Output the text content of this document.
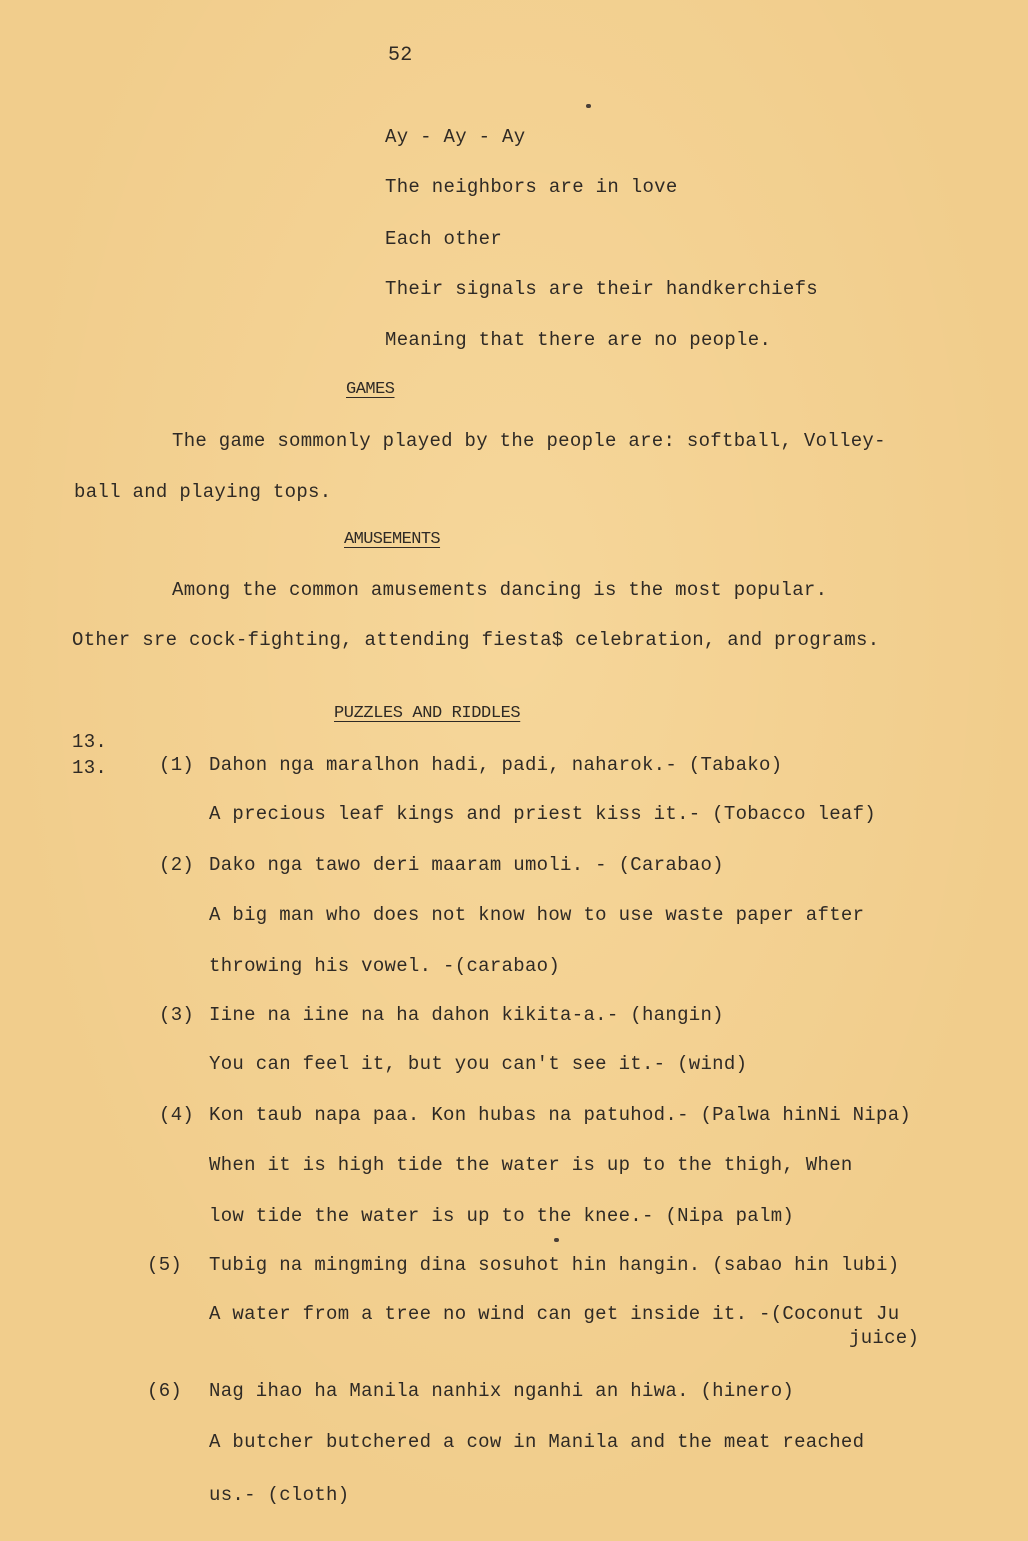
52
Ay - Ay - Ay
The neighbors are in love
Each other
Their signals are their handkerchiefs
Meaning that there are no people.
GAMES
The game sommonly played by the people are: softball, Volley-
ball and playing tops.
AMUSEMENTS
Among the common amusements dancing is the most popular.
Other sre cock-fighting, attending fiesta$ celebration, and programs.
PUZZLES AND RIDDLES
13.
13.	(1) Dahon nga maralhon hadi, padi, naharok.- (Tabako)
A precious leaf kings and priest kiss it.- (Tobacco leaf)
(2) Dako nga tawo deri maaram umoli. - (Carabao)
A big man who does not know how to use waste paper after
throwing his vowel. -(carabao)
(3) Iine na iine na ha dahon kikita-a.- (hangin)
You can feel it, but you can't see it.- (wind)
(4) Kon taub napa paa. Kon hubas na patuhod.- (Palwa hinNi Nipa)
When it is high tide the water is up to the thigh, When
low tide the water is up to the knee.- (Nipa palm)
(5) Tubig na mingming dina sosuhot hin hangin. (sabao hin lubi)
A water from a tree no wind can get inside it. -(Coconut Ju
juice)
(6) Nag ihao ha Manila nanhix nganhi an hiwa. (hinero)
A butcher butchered a cow in Manila and the meat reached
us.- (cloth)
